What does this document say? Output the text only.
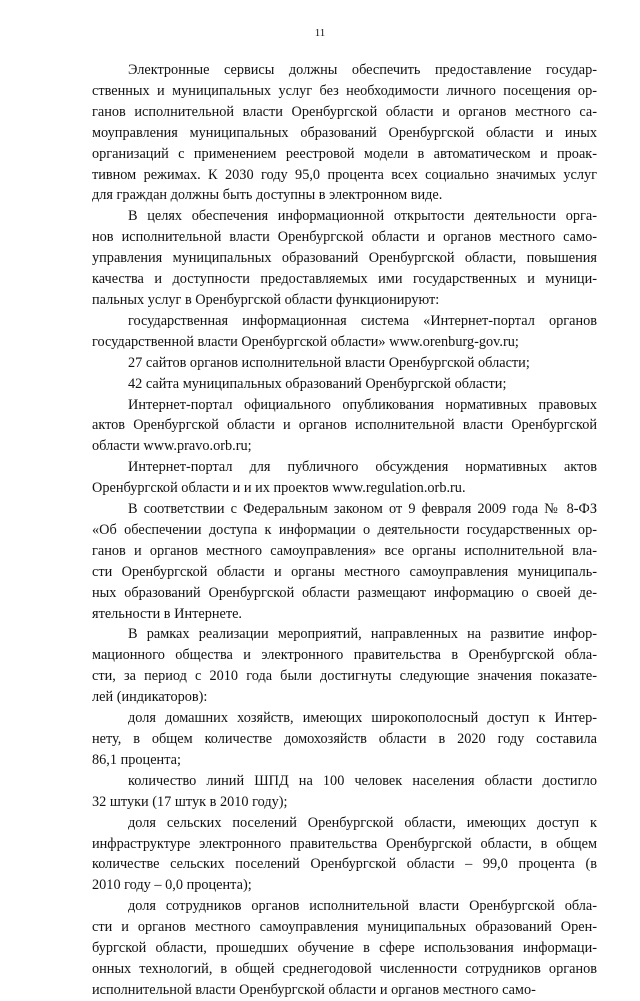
11
Электронные сервисы должны обеспечить предоставление государ-
ственных и муниципальных услуг без необходимости личного посещения ор-
ганов исполнительной власти Оренбургской области и органов местного са-
моуправления муниципальных образований Оренбургской области и иных
организаций с применением реестровой модели в автоматическом и проак-
тивном режимах. К 2030 году 95,0 процента всех социально значимых услуг
для граждан должны быть доступны в электронном виде.
В целях обеспечения информационной открытости деятельности орга-
нов исполнительной власти Оренбургской области и органов местного само-
управления муниципальных образований Оренбургской области, повышения
качества и доступности предоставляемых ими государственных и муници-
пальных услуг в Оренбургской области функционируют:
государственная информационная система «Интернет-портал органов
государственной власти Оренбургской области» www.orenburg-gov.ru;
27 сайтов органов исполнительной власти Оренбургской области;
42 сайта муниципальных образований Оренбургской области;
Интернет-портал официального опубликования нормативных правовых
актов Оренбургской области и органов исполнительной власти Оренбургской
области www.pravo.orb.ru;
Интернет-портал для публичного обсуждения нормативных актов
Оренбургской области и и их проектов www.regulation.orb.ru.
В соответствии с Федеральным законом от 9 февраля 2009 года № 8-ФЗ
«Об обеспечении доступа к информации о деятельности государственных ор-
ганов и органов местного самоуправления» все органы исполнительной вла-
сти Оренбургской области и органы местного самоуправления муниципаль-
ных образований Оренбургской области размещают информацию о своей де-
ятельности в Интернете.
В рамках реализации мероприятий, направленных на развитие инфор-
мационного общества и электронного правительства в Оренбургской обла-
сти, за период с 2010 года были достигнуты следующие значения показате-
лей (индикаторов):
доля домашних хозяйств, имеющих широкополосный доступ к Интер-
нету, в общем количестве домохозяйств области в 2020 году составила
86,1 процента;
количество линий ШПД на 100 человек населения области достигло
32 штуки (17 штук в 2010 году);
доля сельских поселений Оренбургской области, имеющих доступ к
инфраструктуре электронного правительства Оренбургской области, в общем
количестве сельских поселений Оренбургской области – 99,0 процента (в
2010 году – 0,0 процента);
доля сотрудников органов исполнительной власти Оренбургской обла-
сти и органов местного самоуправления муниципальных образований Орен-
бургской области, прошедших обучение в сфере использования информаци-
онных технологий, в общей среднегодовой численности сотрудников органов
исполнительной власти Оренбургской области и органов местного само-
